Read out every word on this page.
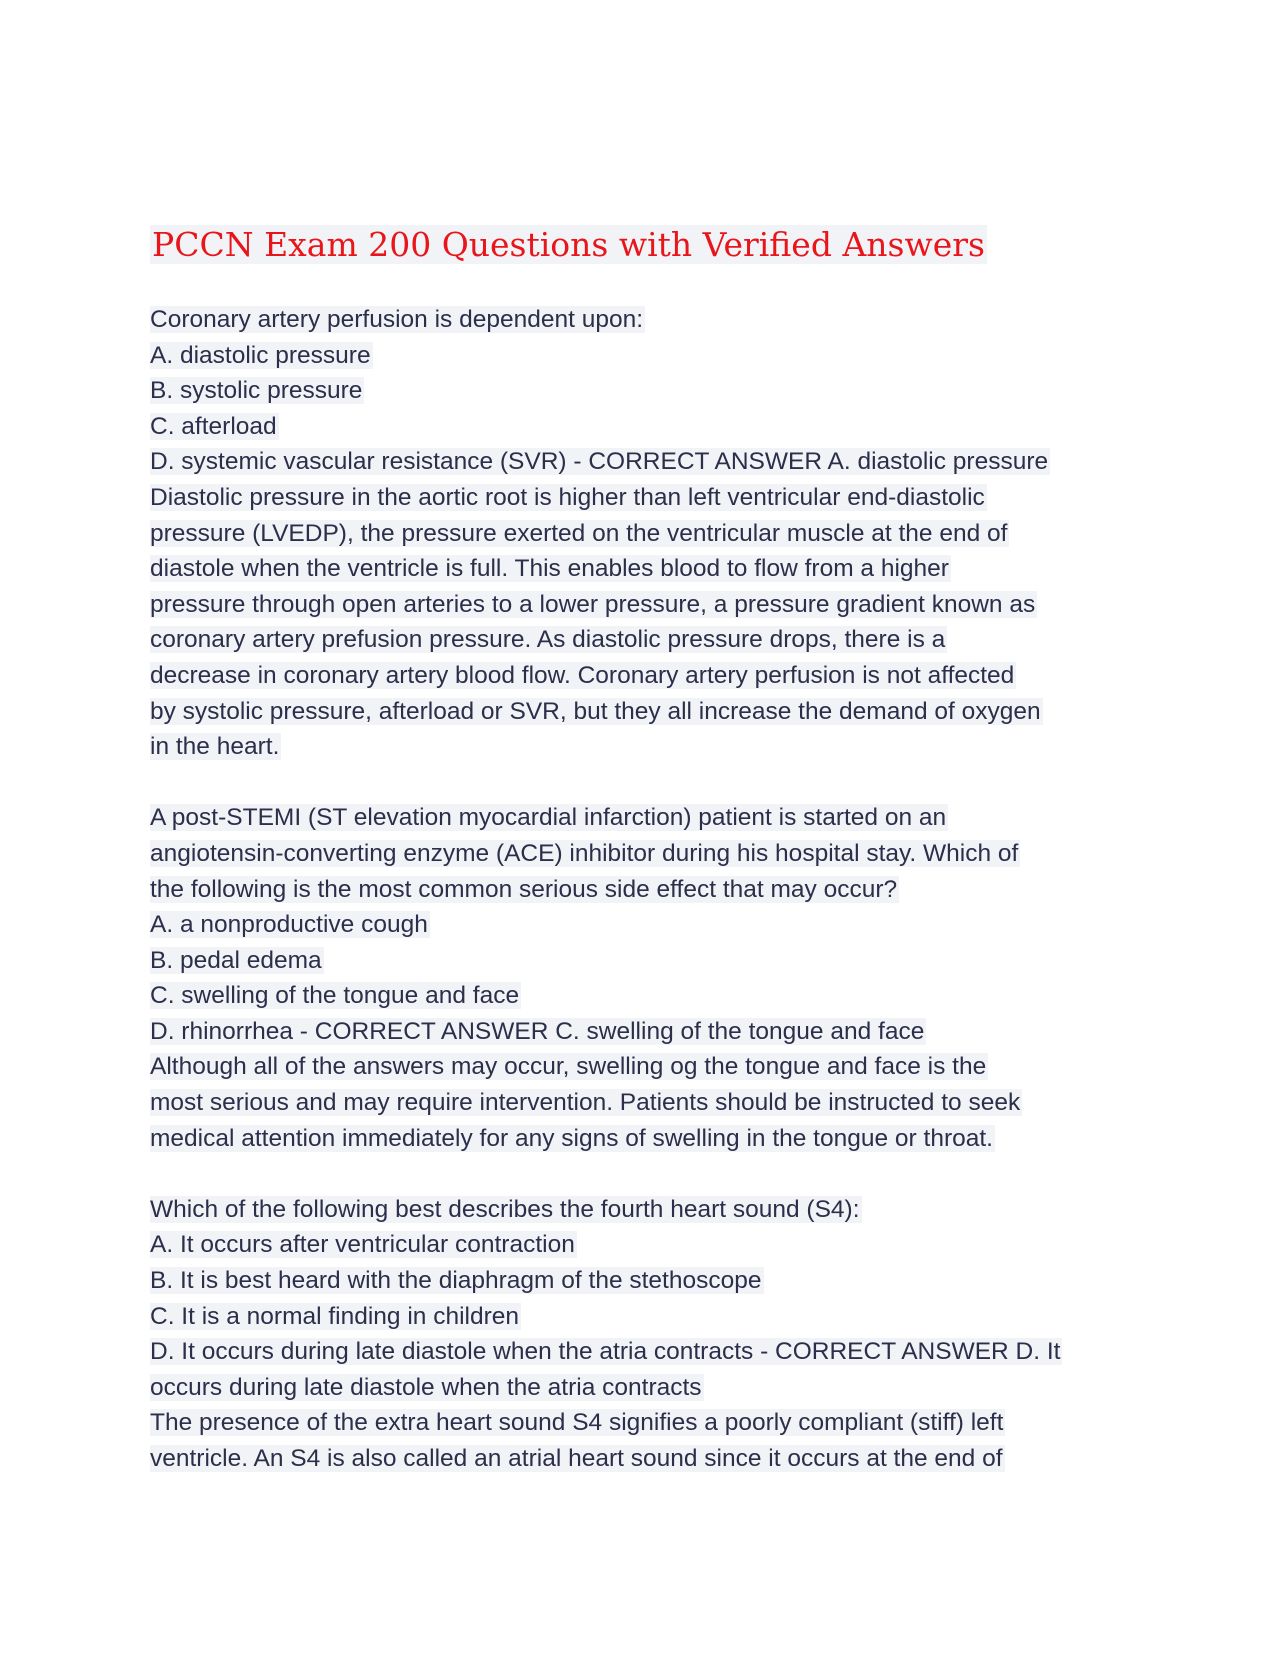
PCCN Exam 200 Questions with Verified Answers
Coronary artery perfusion is dependent upon:
A. diastolic pressure
B. systolic pressure
C. afterload
D. systemic vascular resistance (SVR) - CORRECT ANSWER A. diastolic pressure
Diastolic pressure in the aortic root is higher than left ventricular end-diastolic
pressure (LVEDP), the pressure exerted on the ventricular muscle at the end of
diastole when the ventricle is full. This enables blood to flow from a higher
pressure through open arteries to a lower pressure, a pressure gradient known as
coronary artery prefusion pressure. As diastolic pressure drops, there is a
decrease in coronary artery blood flow. Coronary artery perfusion is not affected
by systolic pressure, afterload or SVR, but they all increase the demand of oxygen
in the heart.
A post-STEMI (ST elevation myocardial infarction) patient is started on an
angiotensin-converting enzyme (ACE) inhibitor during his hospital stay. Which of
the following is the most common serious side effect that may occur?
A. a nonproductive cough
B. pedal edema
C. swelling of the tongue and face
D. rhinorrhea - CORRECT ANSWER C. swelling of the tongue and face
Although all of the answers may occur, swelling og the tongue and face is the
most serious and may require intervention. Patients should be instructed to seek
medical attention immediately for any signs of swelling in the tongue or throat.
Which of the following best describes the fourth heart sound (S4):
A. It occurs after ventricular contraction
B. It is best heard with the diaphragm of the stethoscope
C. It is a normal finding in children
D. It occurs during late diastole when the atria contracts - CORRECT ANSWER D. It
occurs during late diastole when the atria contracts
The presence of the extra heart sound S4 signifies a poorly compliant (stiff) left
ventricle. An S4 is also called an atrial heart sound since it occurs at the end of
